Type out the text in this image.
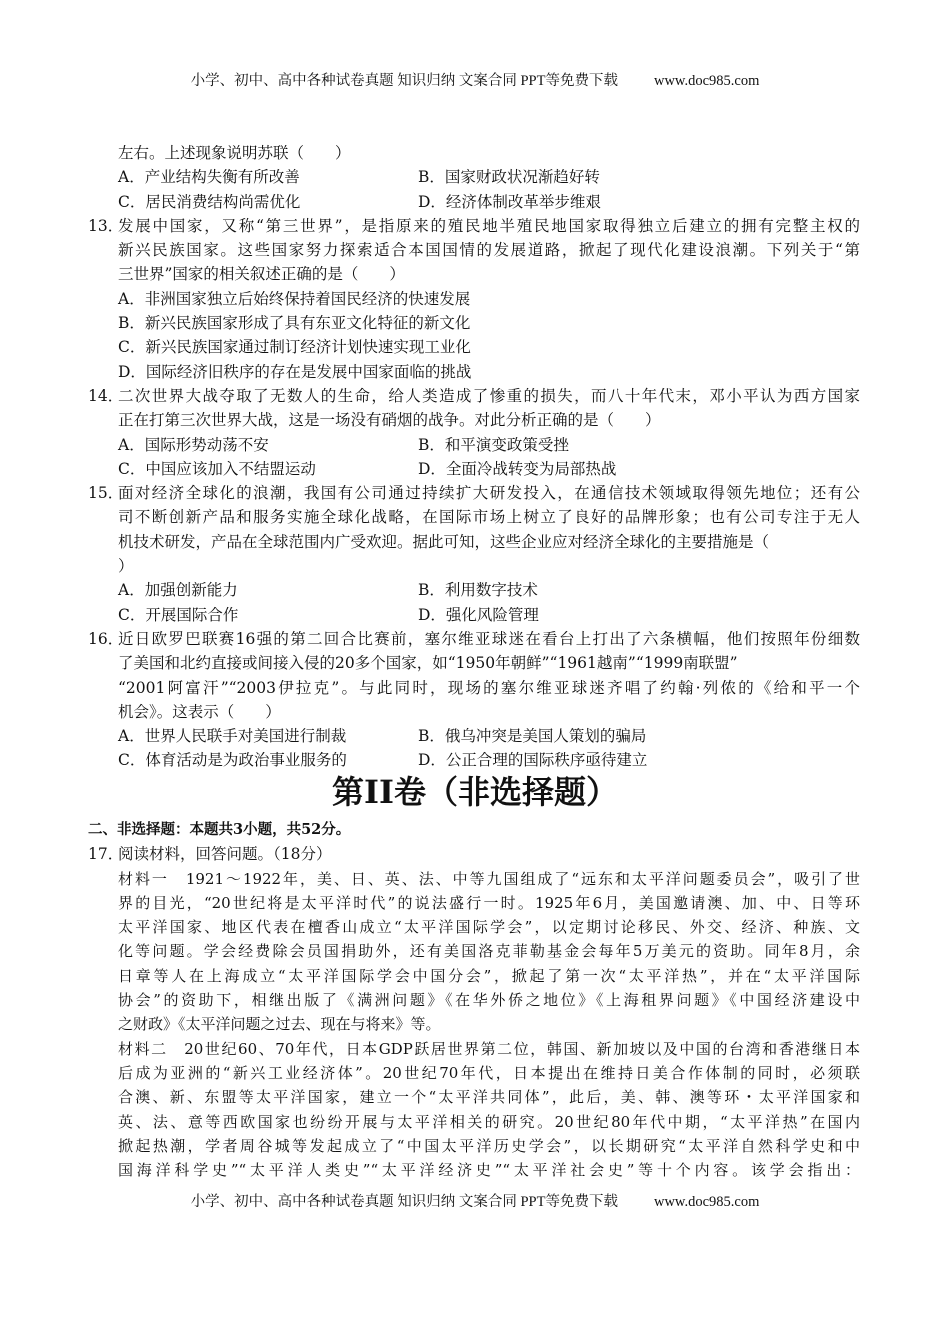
小学、初中、高中各种试卷真题 知识归纳 文案合同 PPT等免费下载 www.doc985.com
左右。上述现象说明苏联（　　）
A．产业结构失衡有所改善	B．国家财政状况渐趋好转
C．居民消费结构尚需优化	D．经济体制改革举步维艰
13．
发展中国家，又称“第三世界”，是指原来的殖民地半殖民地国家取得独立后建立的拥有完整主权的
新兴民族国家。这些国家努力探索适合本国国情的发展道路，掀起了现代化建设浪潮。下列关于“第
三世界”国家的相关叙述正确的是（　　）
A．非洲国家独立后始终保持着国民经济的快速发展
B．新兴民族国家形成了具有东亚文化特征的新文化
C．新兴民族国家通过制订经济计划快速实现工业化
D．国际经济旧秩序的存在是发展中国家面临的挑战
14．
二次世界大战夺取了无数人的生命，给人类造成了惨重的损失，而八十年代末，邓小平认为西方国家
正在打第三次世界大战，这是一场没有硝烟的战争。对此分析正确的是（　　）
A．国际形势动荡不安	B．和平演变政策受挫
C．中国应该加入不结盟运动	D．全面冷战转变为局部热战
15．
面对经济全球化的浪潮，我国有公司通过持续扩大研发投入，在通信技术领域取得领先地位；还有公
司不断创新产品和服务实施全球化战略，在国际市场上树立了良好的品牌形象；也有公司专注于无人
机技术研发，产品在全球范围内广受欢迎。据此可知，这些企业应对经济全球化的主要措施是（
）
A．加强创新能力	B．利用数字技术
C．开展国际合作	D．强化风险管理
16．
近日欧罗巴联赛16强的第二回合比赛前，塞尔维亚球迷在看台上打出了六条横幅，他们按照年份细数
了美国和北约直接或间接入侵的20多个国家，如“1950年朝鲜”“1961越南”“1999南联盟”
“2001阿富汗”“2003伊拉克”。与此同时，现场的塞尔维亚球迷齐唱了约翰·列侬的《给和平一个
机会》。这表示（　　）
A．世界人民联手对美国进行制裁	B．俄乌冲突是美国人策划的骗局
C．体育活动是为政治事业服务的	D．公正合理的国际秩序亟待建立
第II卷（非选择题）
二、非选择题：本题共3小题，共52分。
17．
阅读材料，回答问题。（18分）
材料一　1921～1922年，美、日、英、法、中等九国组成了“远东和太平洋问题委员会”，吸引了世
界的目光，“20世纪将是太平洋时代”的说法盛行一时。1925年6月，美国邀请澳、加、中、日等环
太平洋国家、地区代表在檀香山成立“太平洋国际学会”，以定期讨论移民、外交、经济、种族、文
化等问题。学会经费除会员国捐助外，还有美国洛克菲勒基金会每年5万美元的资助。同年8月，余
日章等人在上海成立“太平洋国际学会中国分会”，掀起了第一次“太平洋热”，并在“太平洋国际
协会”的资助下，相继出版了《满洲问题》《在华外侨之地位》《上海租界问题》《中国经济建设中
之财政》《太平洋问题之过去、现在与将来》等。
材料二　20世纪60、70年代，日本GDP跃居世界第二位，韩国、新加坡以及中国的台湾和香港继日本
后成为亚洲的“新兴工业经济体”。20世纪70年代，日本提出在维持日美合作体制的同时，必须联
合澳、新、东盟等太平洋国家，建立一个“太平洋共同体”，此后，美、韩、澳等环・太平洋国家和
英、法、意等西欧国家也纷纷开展与太平洋相关的研究。20世纪80年代中期，“太平洋热”在国内
掀起热潮，学者周谷城等发起成立了“中国太平洋历史学会”，以长期研究“太平洋自然科学史和中
国海洋科学史”“太平洋人类史”“太平洋经济史”“太平洋社会史”等十个内容。该学会指出：
小学、初中、高中各种试卷真题 知识归纳 文案合同 PPT等免费下载 www.doc985.com
